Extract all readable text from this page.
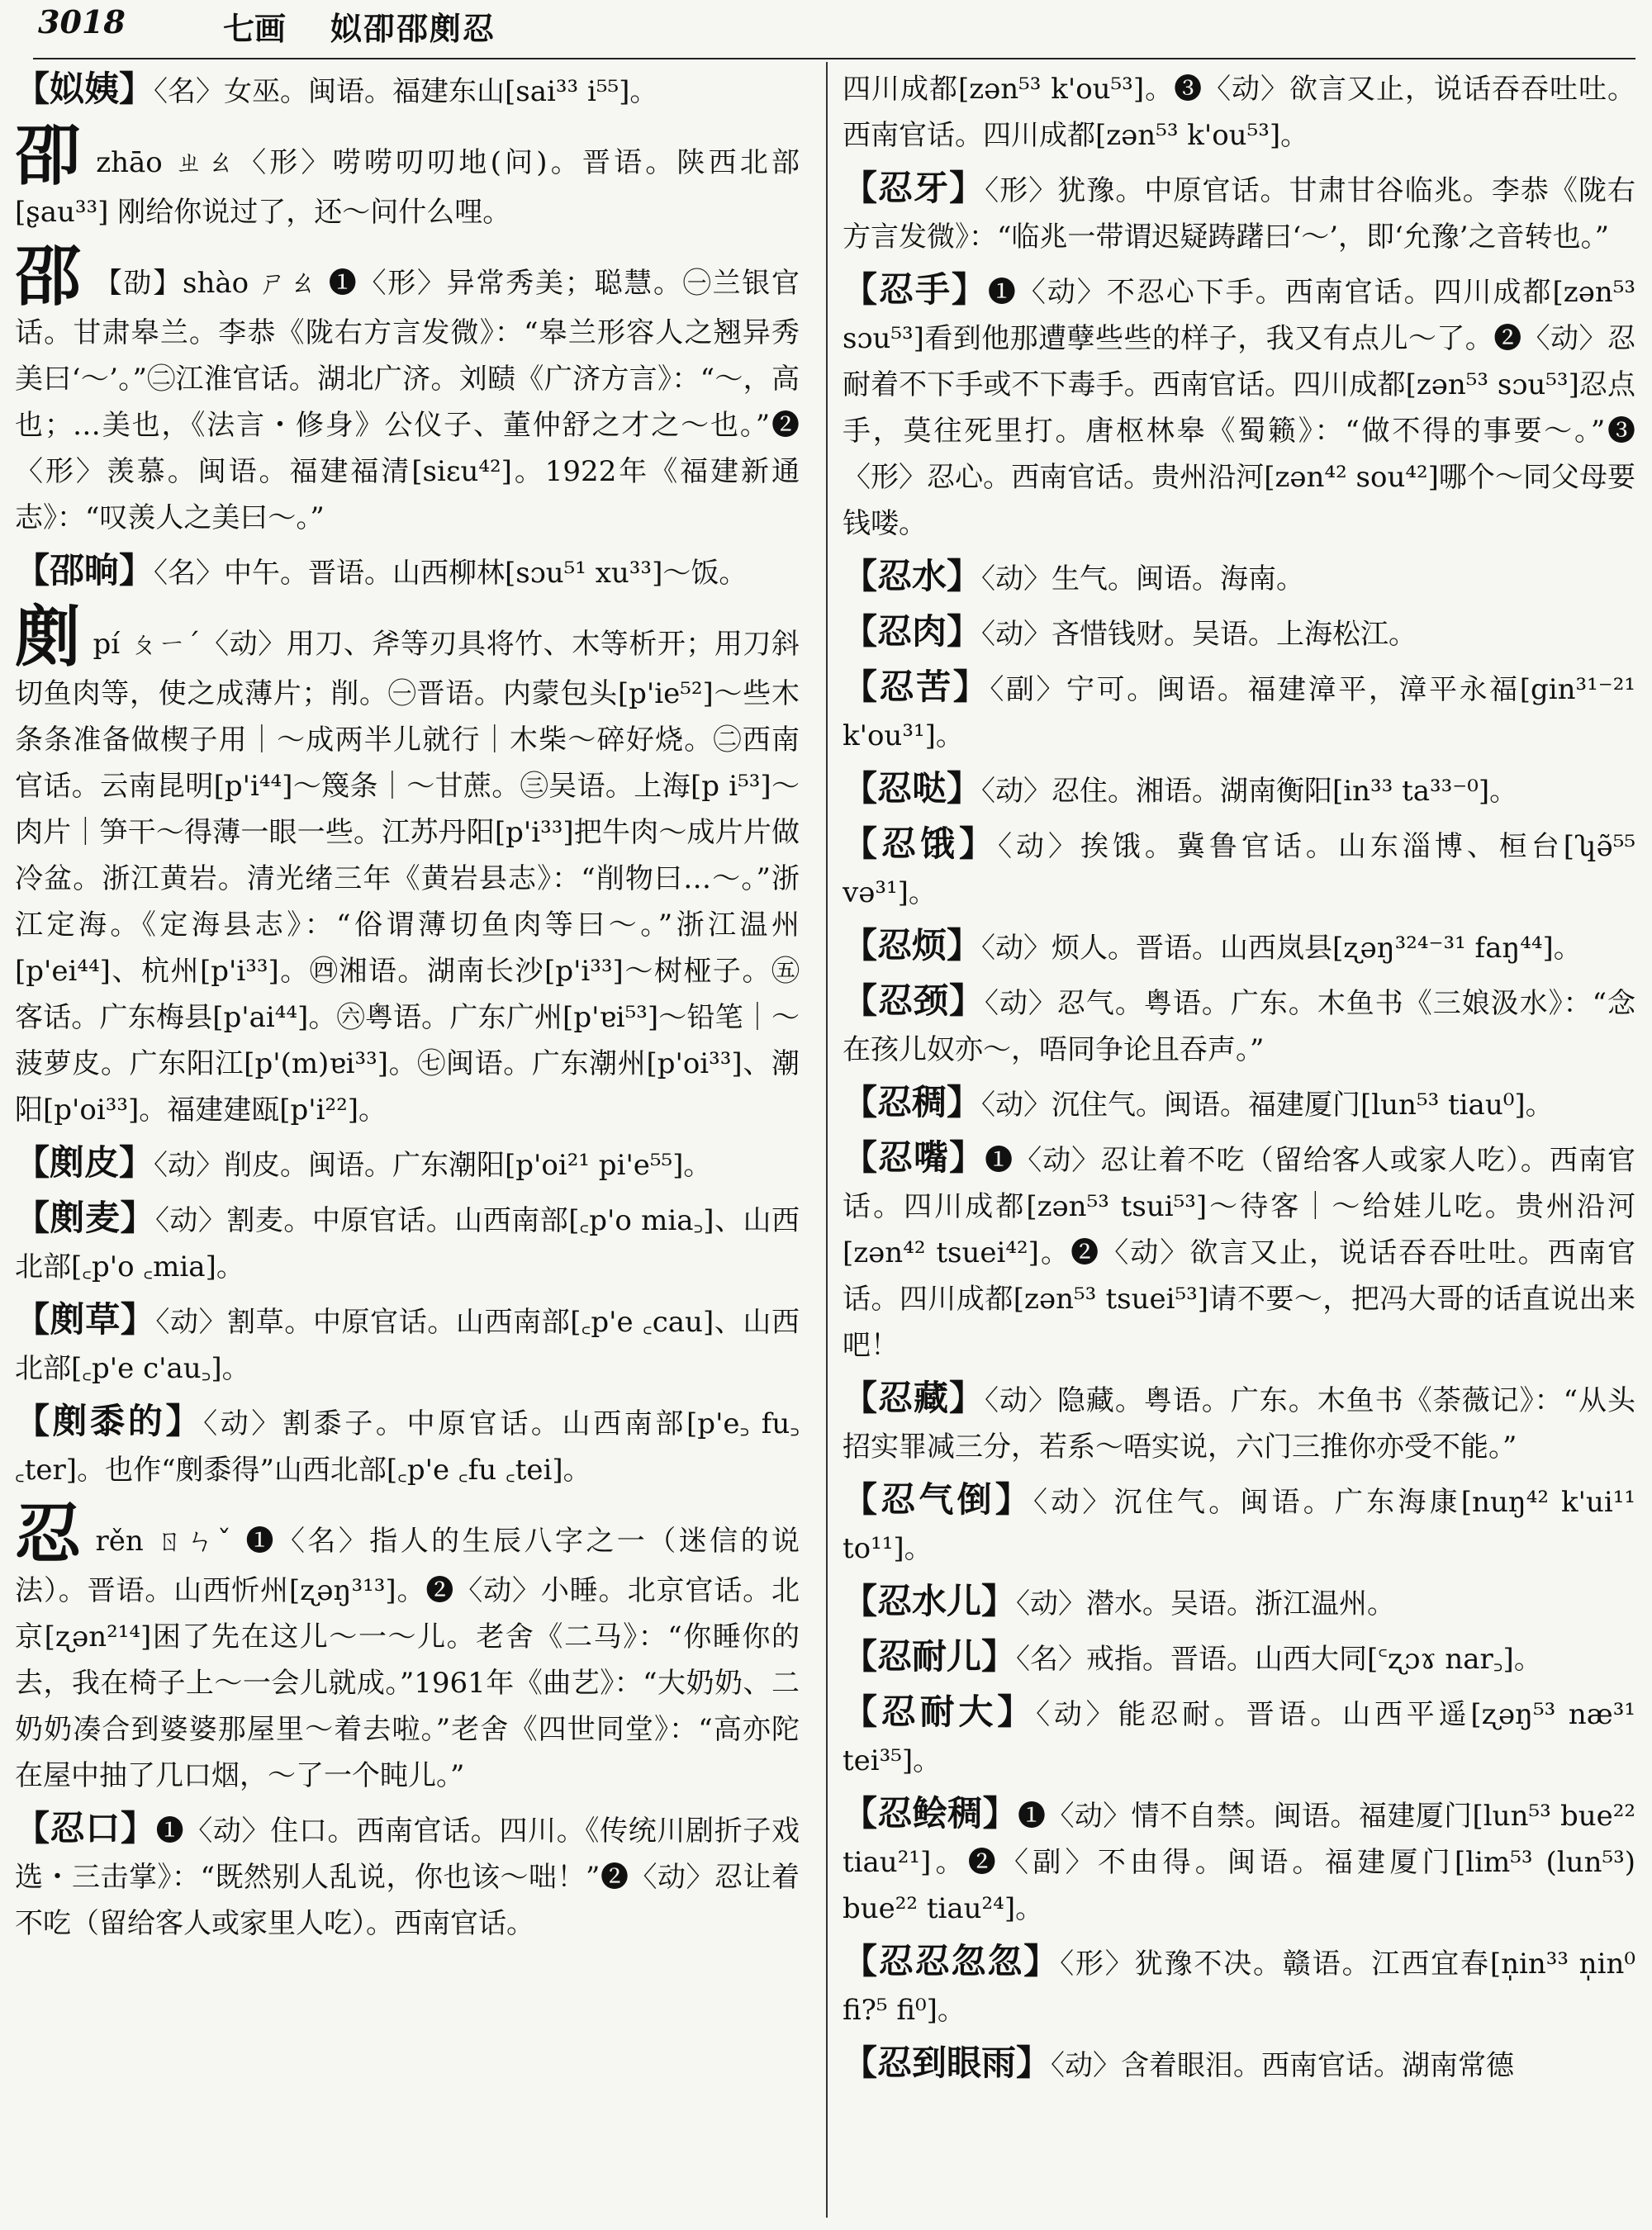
3018	七画 姒卲邵剫忍

【姒姨】〈名〉女巫。闽语。福建东山[sai³³ i⁵⁵]。

卲zhāo ㄓㄠ〈形〉唠唠叨叨地(问)。晋语。陕西北部[ʂau³³] 刚给你说过了，还～问什么哩。

邵 【劭】shào ㄕㄠ ❶〈形〉异常秀美；聪慧。㊀兰银官话。甘肃皋兰。李恭《陇右方言发微》：“皋兰形容人之翘异秀美曰‘～’。”㊁江淮官话。湖北广济。刘赜《广济方言》：“～，高也；…美也，《法言・修身》公仪子、董仲舒之才之～也。”❷〈形〉羡慕。闽语。福建福清[siɛu⁴²]。1922年《福建新通志》：“叹羡人之美曰～。”

【邵晌】〈名〉中午。晋语。山西柳林[sɔu⁵¹ xu³³]～饭。

剫pí ㄆㄧˊ〈动〉用刀、斧等刃具将竹、木等析开；用刀斜切鱼肉等，使之成薄片；削。㊀晋语。内蒙包头[p'ie⁵²]～些木条条准备做楔子用｜～成两半儿就行｜木柴～碎好烧。㊁西南官话。云南昆明[p'i⁴⁴]～篾条｜～甘蔗。㊂吴语。上海[p i⁵³]～肉片｜笋干～得薄一眼一些。江苏丹阳[p'i³³]把牛肉～成片片做冷盆。浙江黄岩。清光绪三年《黄岩县志》：“削物曰…～。”浙江定海。《定海县志》：“俗谓薄切鱼肉等曰～。”浙江温州[p'ei⁴⁴]、杭州[p'i³³]。㊃湘语。湖南长沙[p'i³³]～树桠子。㊄客话。广东梅县[p'ai⁴⁴]。㊅粤语。广东广州[p'ɐi⁵³]～铅笔｜～菠萝皮。广东阳江[p'(m)ɐi³³]。㊆闽语。广东潮州[p'oi³³]、潮阳[p'oi³³]。福建建瓯[p'i²²]。

【剫皮】〈动〉削皮。闽语。广东潮阳[p'oi²¹ pi'e⁵⁵]。

【剫麦】〈动〉割麦。中原官话。山西南部[꜀p'o mia꜆]、山西北部[꜀p'o ꜀mia]。

【剫草】〈动〉割草。中原官话。山西南部[꜀p'e ꜀cau]、山西北部[꜀p'e c'au꜆]。

【剫黍的】〈动〉割黍子。中原官话。山西南部[p'e꜆ fu꜆ ꜀ter]。也作“剫黍得”山西北部[꜀p'e ꜀fu ꜀tei]。

忍rěn ㄖㄣˇ ❶〈名〉指人的生辰八字之一（迷信的说法）。晋语。山西忻州[ʐəŋ³¹³]。❷〈动〉小睡。北京官话。北京[ʐən²¹⁴]困了先在这儿～一～儿。老舍《二马》：“你睡你的去，我在椅子上～一会儿就成。”1961年《曲艺》：“大奶奶、二奶奶凑合到婆婆那屋里～着去啦。”老舍《四世同堂》：“高亦陀在屋中抽了几口烟，～了一个盹儿。”

【忍口】❶〈动〉住口。西南官话。四川。《传统川剧折子戏选・三击掌》：“既然别人乱说，你也该～咄！”❷〈动〉忍让着不吃（留给客人或家里人吃）。西南官话。

四川成都[zən⁵³ k'ou⁵³]。❸〈动〉欲言又止，说话吞吞吐吐。西南官话。四川成都[zən⁵³ k'ou⁵³]。

【忍牙】〈形〉犹豫。中原官话。甘肃甘谷临兆。李恭《陇右方言发微》：“临兆一带谓迟疑踌躇曰‘～’，即‘允豫’之音转也。”

【忍手】❶〈动〉不忍心下手。西南官话。四川成都[zən⁵³ sɔu⁵³]看到他那遭孽些些的样子，我又有点儿～了。❷〈动〉忍耐着不下手或不下毒手。西南官话。四川成都[zən⁵³ sɔu⁵³]忍点手，莫往死里打。唐枢林皋《蜀籁》：“做不得的事要～。”❸〈形〉忍心。西南官话。贵州沿河[zən⁴² sou⁴²]哪个～同父母要钱喽。

【忍水】〈动〉生气。闽语。海南。

【忍肉】〈动〉吝惜钱财。吴语。上海松江。

【忍苦】〈副〉宁可。闽语。福建漳平，漳平永福[gin³¹⁻²¹ k'ou³¹]。

【忍哒】〈动〉忍住。湘语。湖南衡阳[in³³ ta³³⁻⁰]。

【忍饿】〈动〉挨饿。冀鲁官话。山东淄博、桓台[ʮə̃⁵⁵ və³¹]。

【忍烦】〈动〉烦人。晋语。山西岚县[ʐəŋ³²⁴⁻³¹ faŋ⁴⁴]。

【忍颈】〈动〉忍气。粤语。广东。木鱼书《三娘汲水》：“念在孩儿奴亦～，唔同争论且吞声。”

【忍稠】〈动〉沉住气。闽语。福建厦门[lun⁵³ tiau⁰]。

【忍嘴】❶〈动〉忍让着不吃（留给客人或家人吃）。西南官话。四川成都[zən⁵³ tsui⁵³]～待客｜～给娃儿吃。贵州沿河[zən⁴² tsuei⁴²]。❷〈动〉欲言又止，说话吞吞吐吐。西南官话。四川成都[zən⁵³ tsuei⁵³]请不要～，把冯大哥的话直说出来吧！

【忍藏】〈动〉隐藏。粤语。广东。木鱼书《荼薇记》：“从头招实罪减三分，若系～唔实说，六门三推你亦受不能。”

【忍气倒】〈动〉沉住气。闽语。广东海康[nuŋ⁴² k'ui¹¹ to¹¹]。

【忍水儿】〈动〉潜水。吴语。浙江温州。

【忍耐儿】〈名〉戒指。晋语。山西大同[꜂ʐɔɤ nar꜆]。

【忍耐大】〈动〉能忍耐。晋语。山西平遥[ʐəŋ⁵³ næ³¹ tei³⁵]。

【忍鲙稠】❶〈动〉情不自禁。闽语。福建厦门[lun⁵³ bue²² tiau²¹]。❷〈副〉不由得。闽语。福建厦门[lim⁵³ (lun⁵³) bue²² tiau²⁴]。

【忍忍忽忽】〈形〉犹豫不决。赣语。江西宜春[n̩in³³ n̩in⁰ fi?⁵ fi⁰]。

【忍到眼雨】〈动〉含着眼泪。西南官话。湖南常德
